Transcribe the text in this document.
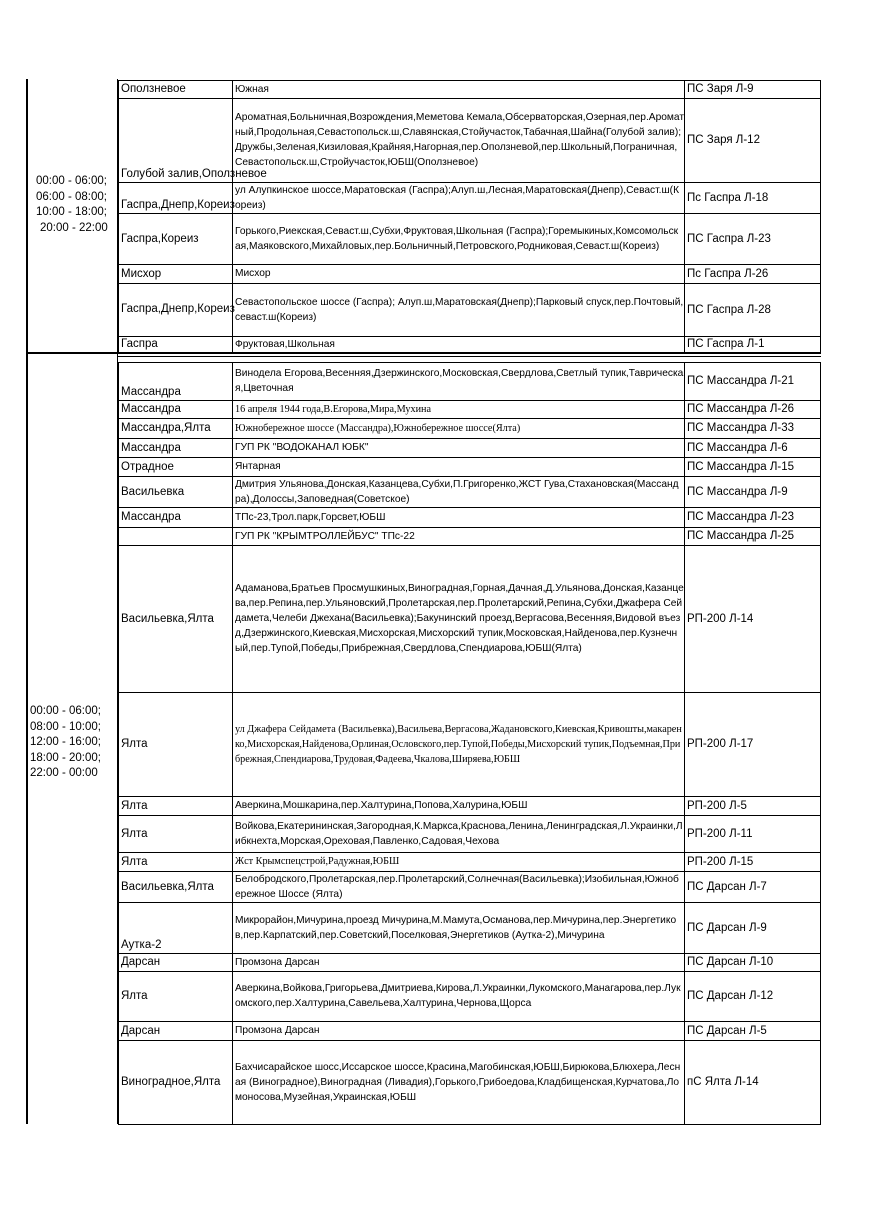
00:00 - 06:00;
06:00 - 08:00;
10:00 - 18:00;
20:00 - 22:00
00:00 - 06:00;
08:00 - 10:00;
12:00 - 16:00;
18:00 - 20:00;
22:00 - 00:00
Оползневое	Южная	ПС Заря Л-9
Голубой залив,Оползневое
Ароматная,Больничная,Возрождения,Меметова Кемала,Обсерваторская,Озерная,пер.Ароматный,Продольная,Севастопольск.ш,Славянская,Стойучасток,Табачная,Шайна(Голубой залив);Дружбы,Зеленая,Кизиловая,Крайняя,Нагорная,пер.Оползневой,пер.Школьный,Пограничная,Севастопольск.ш,Стройучасток,ЮБШ(Оползневое)
ПС Заря Л-12
Гаспра,Днепр,Кореиз
ул Алупкинское шоссе,Маратовская (Гаспра);Алуп.ш,Лесная,Маратовская(Днепр),Севаст.ш(Кореиз)
Пс Гаспра Л-18
Гаспра,Кореиз
Горького,Риекская,Севаст.ш,Субхи,Фруктовая,Школьная (Гаспра);Горемыкиных,Комсомольская,Маяковского,Михайловых,пер.Больничный,Петровского,Родниковая,Севаст.ш(Кореиз)
ПС Гаспра Л-23
Мисхор	Мисхор	Пс Гаспра Л-26
Гаспра,Днепр,Кореиз
Севастопольское шоссе (Гаспра); Алуп.ш,Маратовская(Днепр);Парковый спуск,пер.Почтовый,севаст.ш(Кореиз)
ПС Гаспра Л-28
Гаспра	Фруктовая,Школьная	ПС Гаспра Л-1
Массандра
Винодела Егорова,Весенняя,Дзержинского,Московская,Свердлова,Светлый тупик,Таврическая,Цветочная
ПС Массандра Л-21
Массандра	16 апреля 1944 года,В.Егорова,Мира,Мухина	ПС Массандра Л-26
Массандра,Ялта	Южнобережное шоссе (Массандра),Южнобережное шоссе(Ялта)	ПС Массандра Л-33
Массандра	ГУП РК "ВОДОКАНАЛ ЮБК"	ПС Массандра Л-6
Отрадное	Янтарная	ПС Массандра Л-15
Васильевка
Дмитрия Ульянова,Донская,Казанцева,Субхи,П.Григоренко,ЖСТ Гува,Стахановская(Массандра),Долоссы,Заповедная(Советское)
ПС Массандра Л-9
Массандра	ТПс-23,Трол.парк,Горсвет,ЮБШ	ПС Массандра Л-23
ГУП РК "КРЫМТРОЛЛЕЙБУС" ТПс-22	ПС Массандра Л-25
Васильевка,Ялта
Адаманова,Братьев Просмушкиных,Виноградная,Горная,Дачная,Д.Ульянова,Донская,Казанцева,пер.Репина,пер.Ульяновский,Пролетарская,пер.Пролетарский,Репина,Субхи,Джафера Сейдамета,Челеби Джехана(Васильевка);Бакунинский проезд,Вергасова,Весенняя,Видовой въезд,Дзержинского,Киевская,Мисхорская,Мисхорский тупик,Московская,Найденова,пер.Кузнечный,пер.Тупой,Победы,Прибрежная,Свердлова,Спендиарова,ЮБШ(Ялта)
РП-200 Л-14
Ялта
ул Джафера Сейдамета (Васильевка),Васильева,Вергасова,Жадановского,Киевская,Кривошты,макаренко,Мисхорская,Найденова,Орлиная,Ословского,пер.Тупой,Победы,Мисхорский тупик,Подъемная,Прибрежная,Спендиарова,Трудовая,Фадеева,Чкалова,Ширяева,ЮБШ
РП-200 Л-17
Ялта	Аверкина,Мошкарина,пер.Халтурина,Попова,Халурина,ЮБШ	РП-200 Л-5
Ялта
Войкова,Екатерининская,Загородная,К.Маркса,Краснова,Ленина,Ленинградская,Л.Украинки,Либкнехта,Морская,Ореховая,Павленко,Садовая,Чехова
РП-200 Л-11
Ялта	Жст Крымспецстрой,Радужная,ЮБШ	РП-200 Л-15
Васильевка,Ялта
Белобродского,Пролетарская,пер.Пролетарский,Солнечная(Васильевка);Изобильная,Южнобережное Шоссе (Ялта)
ПС Дарсан Л-7
Аутка-2
Микрорайон,Мичурина,проезд Мичурина,М.Мамута,Османова,пер.Мичурина,пер.Энергетиков,пер.Карпатский,пер.Советский,Поселковая,Энергетиков (Аутка-2),Мичурина
ПС Дарсан Л-9
Дарсан	Промзона Дарсан	ПС Дарсан Л-10
Ялта
Аверкина,Войкова,Григорьева,Дмитриева,Кирова,Л.Украинки,Лукомского,Манагарова,пер.Лукомского,пер.Халтурина,Савельева,Халтурина,Чернова,Щорса
ПС Дарсан Л-12
Дарсан	Промзона Дарсан	ПС Дарсан Л-5
Виноградное,Ялта
Бахчисарайское шосс,Иссарское шоссе,Красина,Магобинская,ЮБШ,Бирюкова,Блюхера,Лесная (Виноградное),Виноградная (Ливадия),Горького,Грибоедова,Кладбищенская,Курчатова,Ломоносова,Музейная,Украинская,ЮБШ
пС Ялта Л-14
